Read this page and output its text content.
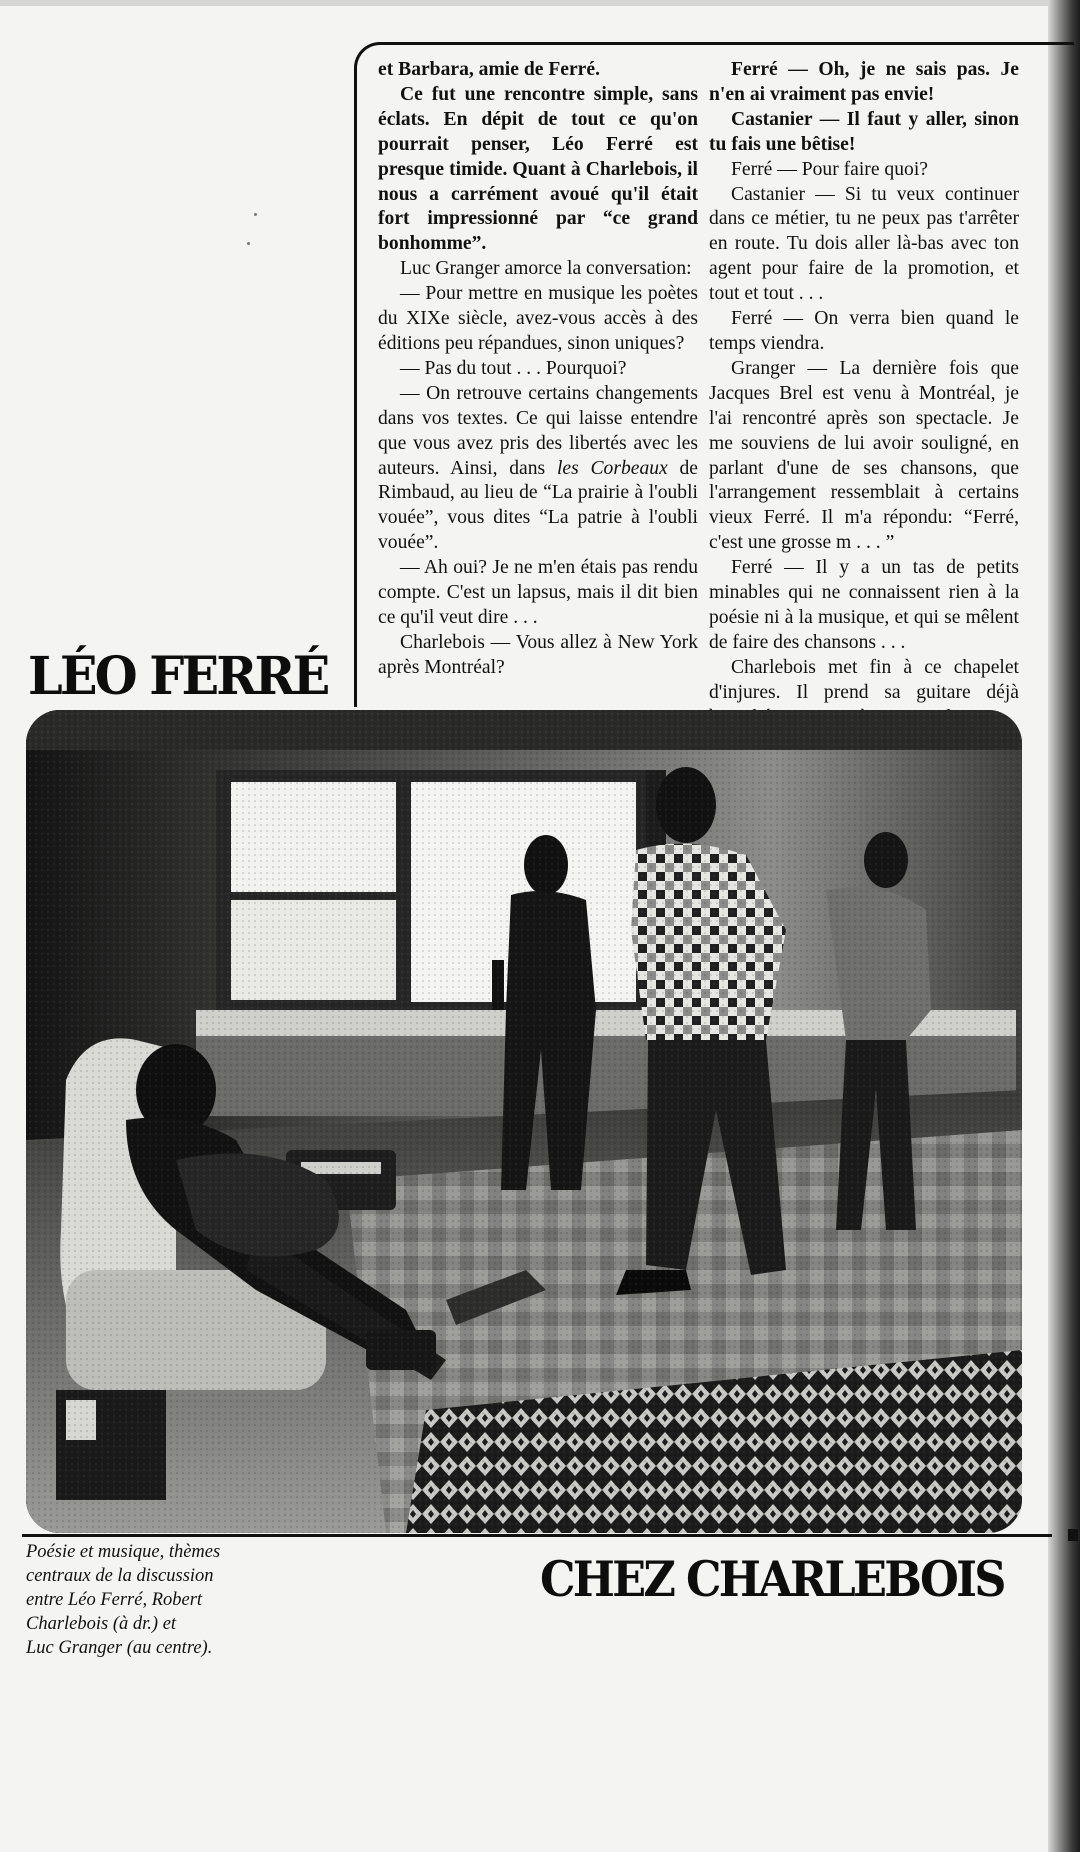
et Barbara, amie de Ferré.

Ce fut une rencontre simple, sans éclats. En dépit de tout ce qu'on pourrait penser, Léo Ferré est presque timide. Quant à Charlebois, il nous a carrément avoué qu'il était fort impressionné par “ce grand bonhomme”.

Luc Granger amorce la conversation:

— Pour mettre en musique les poètes du XIXe siècle, avez-vous accès à des éditions peu répandues, sinon uniques?

— Pas du tout . . . Pourquoi?

— On retrouve certains changements dans vos textes. Ce qui laisse entendre que vous avez pris des libertés avec les auteurs. Ainsi, dans les Corbeaux de Rimbaud, au lieu de “La prairie à l'oubli vouée”, vous dites “La patrie à l'oubli vouée”.

— Ah oui? Je ne m'en étais pas rendu compte. C'est un lapsus, mais il dit bien ce qu'il veut dire . . .

Charlebois — Vous allez à New York après Montréal?

Ferré — Oh, je ne sais pas. Je n'en ai vraiment pas envie!

Castanier — Il faut y aller, sinon tu fais une bêtise!

Ferré — Pour faire quoi?

Castanier — Si tu veux continuer dans ce métier, tu ne peux pas t'arrêter en route. Tu dois aller là-bas avec ton agent pour faire de la promotion, et tout et tout . . .

Ferré — On verra bien quand le temps viendra.

Granger — La dernière fois que Jacques Brel est venu à Montréal, je l'ai rencontré après son spectacle. Je me souviens de lui avoir souligné, en parlant d'une de ses chansons, que l'arrangement ressemblait à certains vieux Ferré. Il m'a répondu: “Ferré, c'est une grosse m . . . ”

Ferré — Il y a un tas de petits minables qui ne connaissent rien à la poésie ni à la musique, et qui se mêlent de faire des chansons . . .

Charlebois met fin à ce chapelet d'injures. Il prend sa guitare déjà

LÉO FERRÉ
Poésie et musique, thèmes
centraux de la discussion
entre Léo Ferré, Robert
Charlebois (à dr.) et
Luc Granger (au centre).
CHEZ CHARLEBOIS
